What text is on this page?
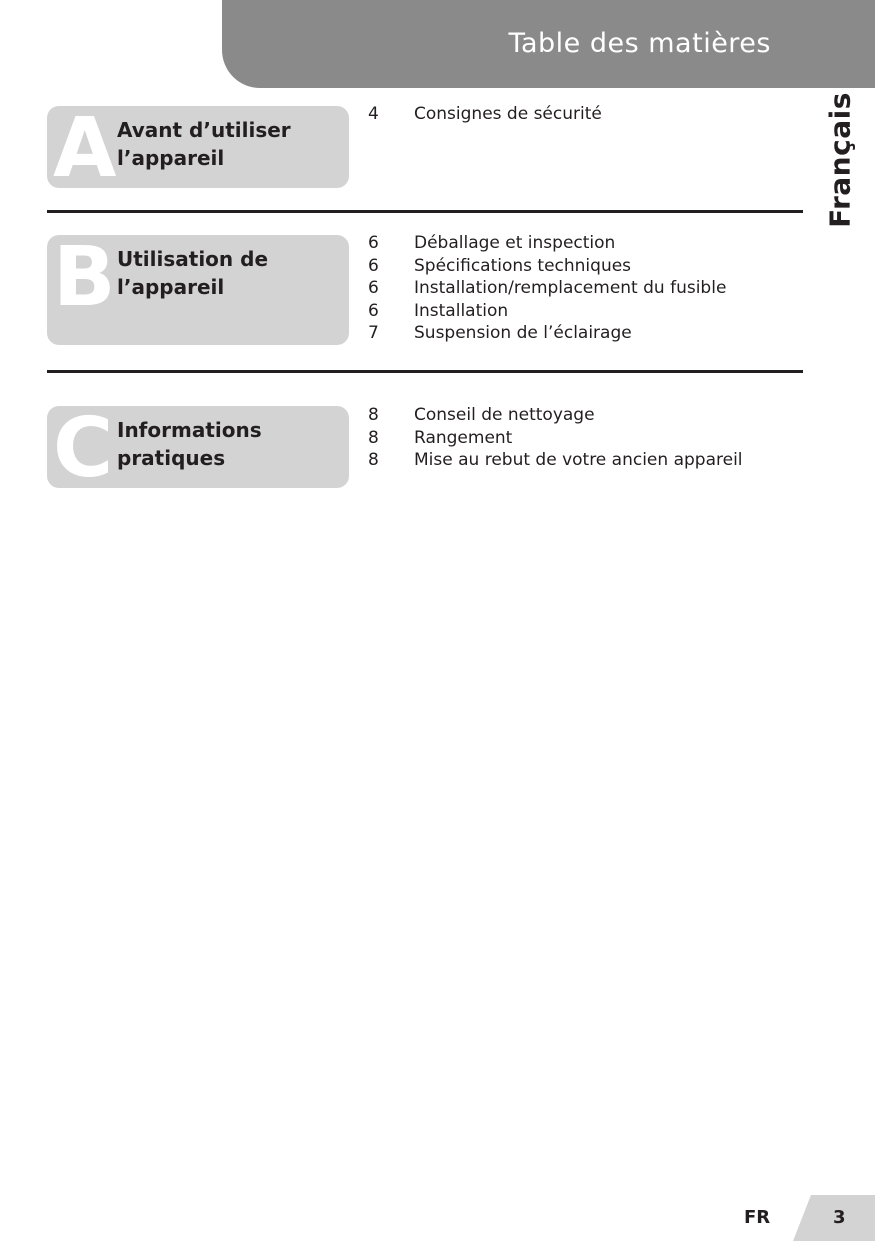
Table des matières
Français
A Avant d’utiliser
l’appareil
4	Consignes de sécurité
B Utilisation de
l’appareil
6	Déballage et inspection
6	Spécifications techniques
6	Installation/remplacement du fusible
6	Installation
7	Suspension de l’éclairage
C Informations
pratiques
8	Conseil de nettoyage
8	Rangement
8	Mise au rebut de votre ancien appareil
FR	3
